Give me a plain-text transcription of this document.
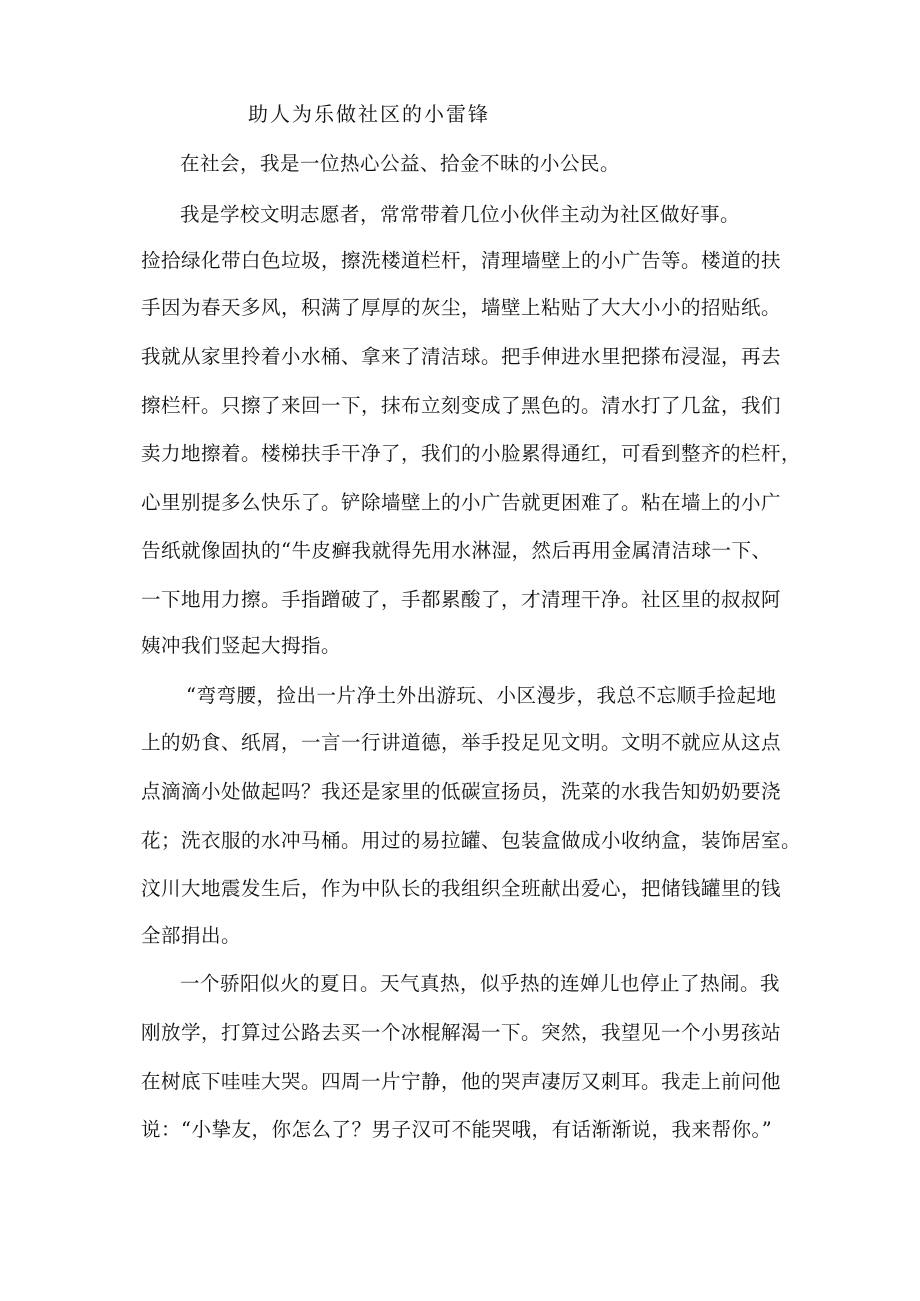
助人为乐做社区的小雷锋
在社会，我是一位热心公益、拾金不昧的小公民。
我是学校文明志愿者，常常带着几位小伙伴主动为社区做好事。
捡拾绿化带白色垃圾，擦洗楼道栏杆，清理墙壁上的小广告等。楼道的扶
手因为春天多风，积满了厚厚的灰尘，墙壁上粘贴了大大小小的招贴纸。
我就从家里拎着小水桶、拿来了清洁球。把手伸进水里把搽布浸湿，再去
擦栏杆。只擦了来回一下，抹布立刻变成了黑色的。清水打了几盆，我们
卖力地擦着。楼梯扶手干净了，我们的小脸累得通红，可看到整齐的栏杆，
心里别提多么快乐了。铲除墙壁上的小广告就更困难了。粘在墙上的小广
告纸就像固执的“牛皮癣我就得先用水淋湿，然后再用金属清洁球一下、
一下地用力擦。手指蹭破了，手都累酸了，才清理干净。社区里的叔叔阿
姨冲我们竖起大拇指。
“弯弯腰，捡出一片净土外出游玩、小区漫步，我总不忘顺手捡起地
上的奶食、纸屑，一言一行讲道德，举手投足见文明。文明不就应从这点
点滴滴小处做起吗？我还是家里的低碳宣扬员，洗菜的水我告知奶奶要浇
花；洗衣服的水冲马桶。用过的易拉罐、包装盒做成小收纳盒，装饰居室。
汶川大地震发生后，作为中队长的我组织全班献出爱心，把储钱罐里的钱
全部捐出。
一个骄阳似火的夏日。天气真热，似乎热的连婵儿也停止了热闹。我
刚放学，打算过公路去买一个冰棍解渴一下。突然，我望见一个小男孩站
在树底下哇哇大哭。四周一片宁静，他的哭声凄厉又刺耳。我走上前问他
说：“小挚友，你怎么了？男子汉可不能哭哦，有话渐渐说，我来帮你。”
